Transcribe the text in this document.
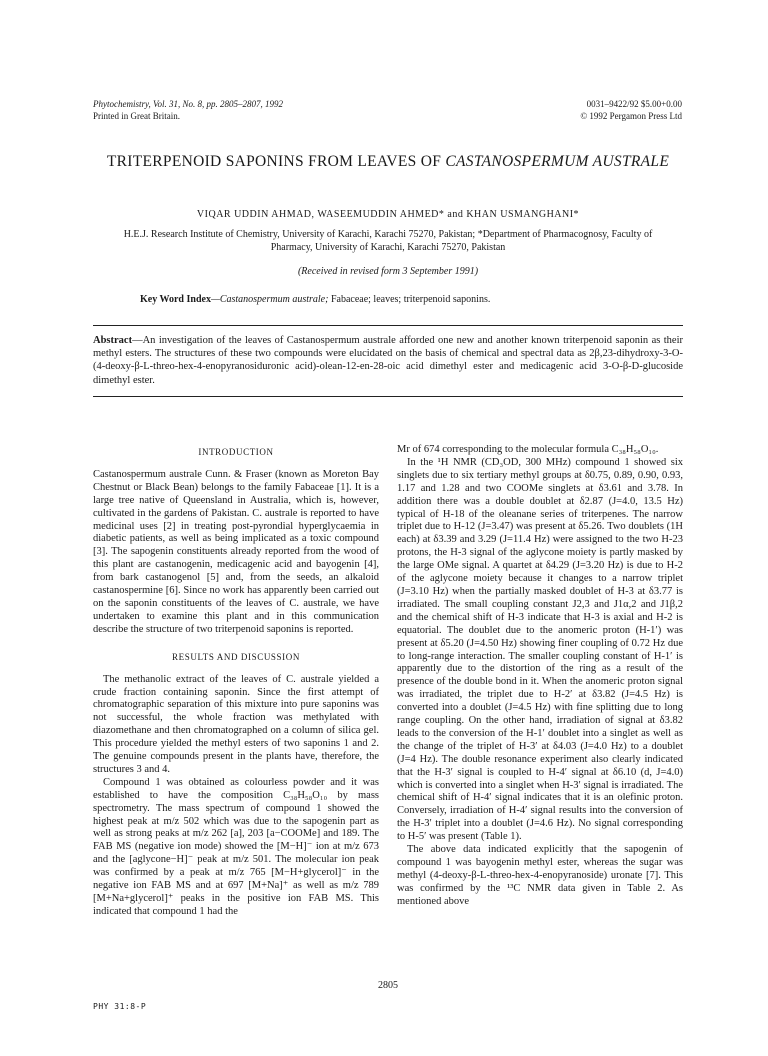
Phytochemistry, Vol. 31, No. 8, pp. 2805–2807, 1992
Printed in Great Britain.
0031–9422/92 $5.00+0.00
© 1992 Pergamon Press Ltd
TRITERPENOID SAPONINS FROM LEAVES OF CASTANOSPERMUM AUSTRALE
VIQAR UDDIN AHMAD, WASEEMUDDIN AHMED* and KHAN USMANGHANI*
H.E.J. Research Institute of Chemistry, University of Karachi, Karachi 75270, Pakistan; *Department of Pharmacognosy, Faculty of Pharmacy, University of Karachi, Karachi 75270, Pakistan
(Received in revised form 3 September 1991)
Key Word Index—Castanospermum australe; Fabaceae; leaves; triterpenoid saponins.
Abstract—An investigation of the leaves of Castanospermum australe afforded one new and another known triterpenoid saponin as their methyl esters. The structures of these two compounds were elucidated on the basis of chemical and spectral data as 2β,23-dihydroxy-3-O-(4-deoxy-β-L-threo-hex-4-enopyranosiduronic acid)-olean-12-en-28-oic acid dimethyl ester and medicagenic acid 3-O-β-D-glucoside dimethyl ester.
INTRODUCTION

Castanospermum australe Cunn. & Fraser (known as Moreton Bay Chestnut or Black Bean) belongs to the family Fabaceae [1]. It is a large tree native of Queensland in Australia, which is, however, cultivated in the gardens of Pakistan. C. australe is reported to have medicinal uses [2] in treating post-pyrondial hyperglycaemia in diabetic patients, as well as being implicated as a toxic compound [3]. The sapogenin constituents already reported from the wood of this plant are castanogenin, medicagenic acid and bayogenin [4], from bark castanogenol [5] and, from the seeds, an alkaloid castanospermine [6]. Since no work has apparently been carried out on the saponin constituents of the leaves of C. australe, we have undertaken to examine this plant and in this communication describe the structure of two triterpenoid saponins is reported.

RESULTS AND DISCUSSION

The methanolic extract of the leaves of C. australe yielded a crude fraction containing saponin. Since the first attempt of chromatographic separation of this mixture into pure saponins was not successful, the whole fraction was methylated with diazomethane and then chromatographed on a column of silica gel. This procedure yielded the methyl esters of two saponins 1 and 2. The genuine compounds present in the plants have, therefore, the structures 3 and 4.

Compound 1 was obtained as colourless powder and it was established to have the composition C₃₈H₅₈O₁₀ by mass spectrometry. The mass spectrum of compound 1 showed the highest peak at m/z 502 which was due to the sapogenin part as well as strong peaks at m/z 262 [a], 203 [a−COOMe] and 189. The FAB MS (negative ion mode) showed the [M−H]⁻ ion at m/z 673 and the [aglycone−H]⁻ peak at m/z 501. The molecular ion peak was confirmed by a peak at m/z 765 [M−H+glycerol]⁻ in the negative ion FAB MS and at 697 [M+Na]⁺ as well as m/z 789 [M+Na+glycerol]⁺ peaks in the positive ion FAB MS. This indicated that compound 1 had the

Mr of 674 corresponding to the molecular formula C₃₈H₅₈O₁₀.

In the ¹H NMR (CD₃OD, 300 MHz) compound 1 showed six singlets due to six tertiary methyl groups at δ0.75, 0.89, 0.90, 0.93, 1.17 and 1.28 and two COOMe singlets at δ3.61 and 3.78. In addition there was a double doublet at δ2.87 (J=4.0, 13.5 Hz) typical of H-18 of the oleanane series of triterpenes. The narrow triplet due to H-12 (J=3.47) was present at δ5.26. Two doublets (1H each) at δ3.39 and 3.29 (J=11.4 Hz) were assigned to the two H-23 protons, the H-3 signal of the aglycone moiety is partly masked by the large OMe signal. A quartet at δ4.29 (J=3.20 Hz) is due to H-2 of the aglycone moiety because it changes to a narrow triplet (J=3.10 Hz) when the partially masked doublet of H-3 at δ3.77 is irradiated. The small coupling constant J2,3 and J1α,2 and J1β,2 and the chemical shift of H-3 indicate that H-3 is axial and H-2 is equatorial. The doublet due to the anomeric proton (H-1′) was present at δ5.20 (J=4.50 Hz) showing finer coupling of 0.72 Hz due to long-range interaction. The smaller coupling constant of H-1′ is apparently due to the distortion of the ring as a result of the presence of the double bond in it. When the anomeric proton signal was irradiated, the triplet due to H-2′ at δ3.82 (J=4.5 Hz) is converted into a doublet (J=4.5 Hz) with fine splitting due to long range coupling. On the other hand, irradiation of signal at δ3.82 leads to the conversion of the H-1′ doublet into a singlet as well as the change of the triplet of H-3′ at δ4.03 (J=4.0 Hz) to a doublet (J=4 Hz). The double resonance experiment also clearly indicated that the H-3′ signal is coupled to H-4′ signal at δ6.10 (d, J=4.0) which is converted into a singlet when H-3′ signal is irradiated. The chemical shift of H-4′ signal indicates that it is an olefinic proton. Conversely, irradiation of H-4′ signal results into the conversion of the H-3′ triplet into a doublet (J=4.6 Hz). No signal corresponding to H-5′ was present (Table 1).

The above data indicated explicitly that the sapogenin of compound 1 was bayogenin methyl ester, whereas the sugar was methyl (4-deoxy-β-L-threo-hex-4-enopyranoside) uronate [7]. This was confirmed by the ¹³C NMR data given in Table 2. As mentioned above

2805
PHY 31:8-P
